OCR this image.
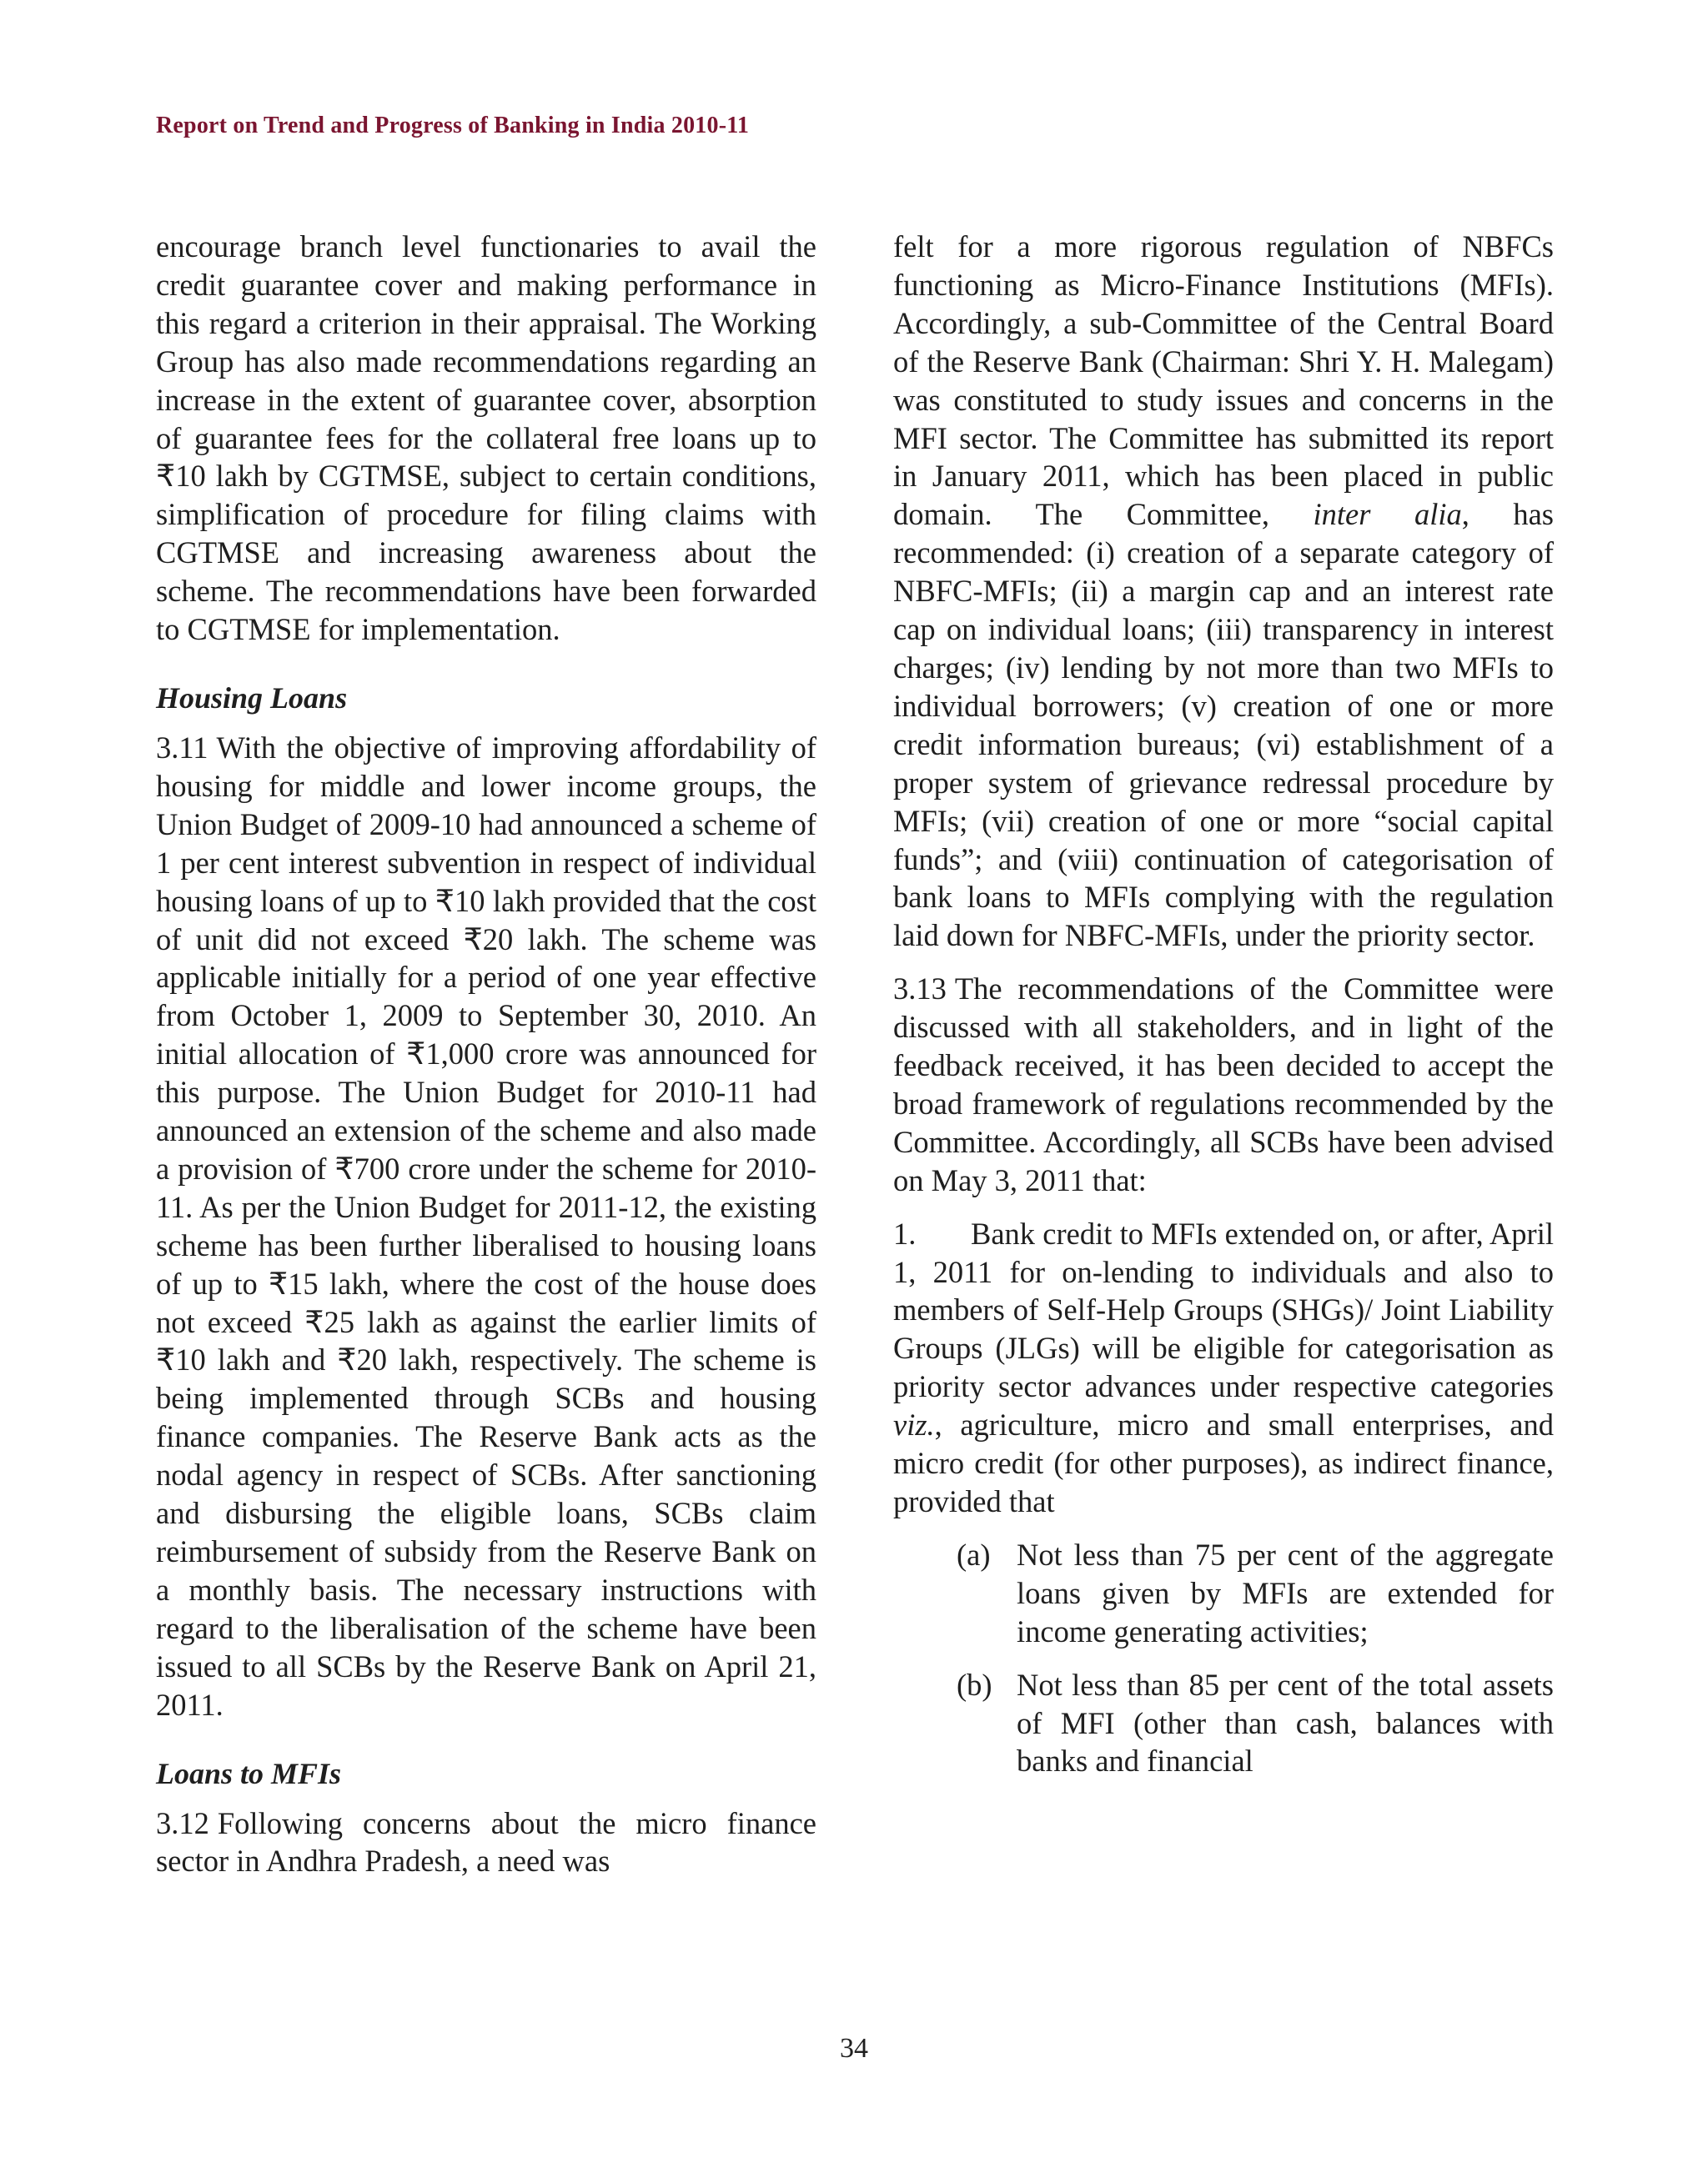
Report on Trend and Progress of Banking in India 2010-11

encourage branch level functionaries to avail the credit guarantee cover and making performance in this regard a criterion in their appraisal. The Working Group has also made recommendations regarding an increase in the extent of guarantee cover, absorption of guarantee fees for the collateral free loans up to ₹10 lakh by CGTMSE, subject to certain conditions, simplification of procedure for filing claims with CGTMSE and increasing awareness about the scheme. The recommendations have been forwarded to CGTMSE for implementation.

Housing Loans

3.11 With the objective of improving affordability of housing for middle and lower income groups, the Union Budget of 2009-10 had announced a scheme of 1 per cent interest subvention in respect of individual housing loans of up to ₹10 lakh provided that the cost of unit did not exceed ₹20 lakh. The scheme was applicable initially for a period of one year effective from October 1, 2009 to September 30, 2010. An initial allocation of ₹1,000 crore was announced for this purpose. The Union Budget for 2010-11 had announced an extension of the scheme and also made a provision of ₹700 crore under the scheme for 2010-11. As per the Union Budget for 2011-12, the existing scheme has been further liberalised to housing loans of up to ₹15 lakh, where the cost of the house does not exceed ₹25 lakh as against the earlier limits of ₹10 lakh and ₹20 lakh, respectively. The scheme is being implemented through SCBs and housing finance companies. The Reserve Bank acts as the nodal agency in respect of SCBs. After sanctioning and disbursing the eligible loans, SCBs claim reimbursement of subsidy from the Reserve Bank on a monthly basis. The necessary instructions with regard to the liberalisation of the scheme have been issued to all SCBs by the Reserve Bank on April 21, 2011.

Loans to MFIs

3.12 Following concerns about the micro finance sector in Andhra Pradesh, a need was

felt for a more rigorous regulation of NBFCs functioning as Micro-Finance Institutions (MFIs). Accordingly, a sub-Committee of the Central Board of the Reserve Bank (Chairman: Shri Y. H. Malegam) was constituted to study issues and concerns in the MFI sector. The Committee has submitted its report in January 2011, which has been placed in public domain. The Committee, inter alia, has recommended: (i) creation of a separate category of NBFC-MFIs; (ii) a margin cap and an interest rate cap on individual loans; (iii) transparency in interest charges; (iv) lending by not more than two MFIs to individual borrowers; (v) creation of one or more credit information bureaus; (vi) establishment of a proper system of grievance redressal procedure by MFIs; (vii) creation of one or more “social capital funds”; and (viii) continuation of categorisation of bank loans to MFIs complying with the regulation laid down for NBFC-MFIs, under the priority sector.

3.13 The recommendations of the Committee were discussed with all stakeholders, and in light of the feedback received, it has been decided to accept the broad framework of regulations recommended by the Committee. Accordingly, all SCBs have been advised on May 3, 2011 that:

1. Bank credit to MFIs extended on, or after, April 1, 2011 for on-lending to individuals and also to members of Self-Help Groups (SHGs)/ Joint Liability Groups (JLGs) will be eligible for categorisation as priority sector advances under respective categories viz., agriculture, micro and small enterprises, and micro credit (for other purposes), as indirect finance, provided that

(a) Not less than 75 per cent of the aggregate loans given by MFIs are extended for income generating activities;
(b) Not less than 85 per cent of the total assets of MFI (other than cash, balances with banks and financial
34
